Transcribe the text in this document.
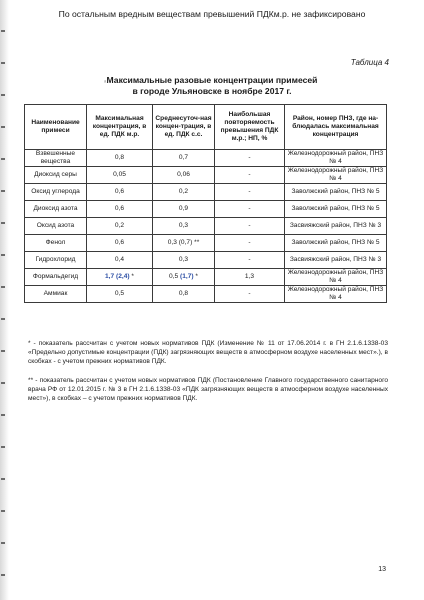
По остальным вредным веществам превышений ПДКм.р. не зафиксировано
Таблица 4
ᵃ Максимальные разовые концентрации примесей
в городе Ульяновске в ноябре 2017 г.
Наименование примеси	Максимальная концентрация, в ед. ПДК м.р.	Среднесуточ-ная концен-трация, в ед. ПДК с.с.	Наибольшая повторяемость превышения ПДК м.р.; НП, %	Район, номер ПНЗ, где на-блюдалась максимальная концентрация
Взвешенные вещества	0,8	0,7	-	Железнодорожный район, ПНЗ № 4
Диоксид серы	0,05	0,06	-	Железнодорожный район, ПНЗ № 4
Оксид углерода	0,6	0,2	-	Заволжский район, ПНЗ № 5
Диоксид азота	0,6	0,9	-	Заволжский район, ПНЗ № 5
Оксид азота	0,2	0,3	-	Засвияжский район, ПНЗ № 3
Фенол	0,6	0,3 (0,7) **	-	Заволжский район, ПНЗ № 5
Гидрохлорид	0,4	0,3	-	Засвияжский район, ПНЗ № 3
Формальдегид	1,7 (2,4) *	0,5 (1,7) *	1,3	Железнодорожный район, ПНЗ № 4
Аммиак	0,5	0,8	-	Железнодорожный район, ПНЗ № 4
* - показатель рассчитан с учетом новых нормативов ПДК (Изменение № 11 от 17.06.2014 г. в ГН 2.1.6.1338-03 «Предельно допустимые концентрации (ПДК) загрязняющих веществ в атмосферном воздухе населенных мест».), в скобках - с учетом прежних нормативов ПДК.
** - показатель рассчитан с учетом новых нормативов ПДК (Постановление Главного государственного санитарного врача РФ от 12.01.2015 г. № 3 в ГН 2.1.6.1338-03 «ПДК загрязняющих веществ в атмосферном воздухе населенных мест»), в скобках – с учетом прежних нормативов ПДК.
13
